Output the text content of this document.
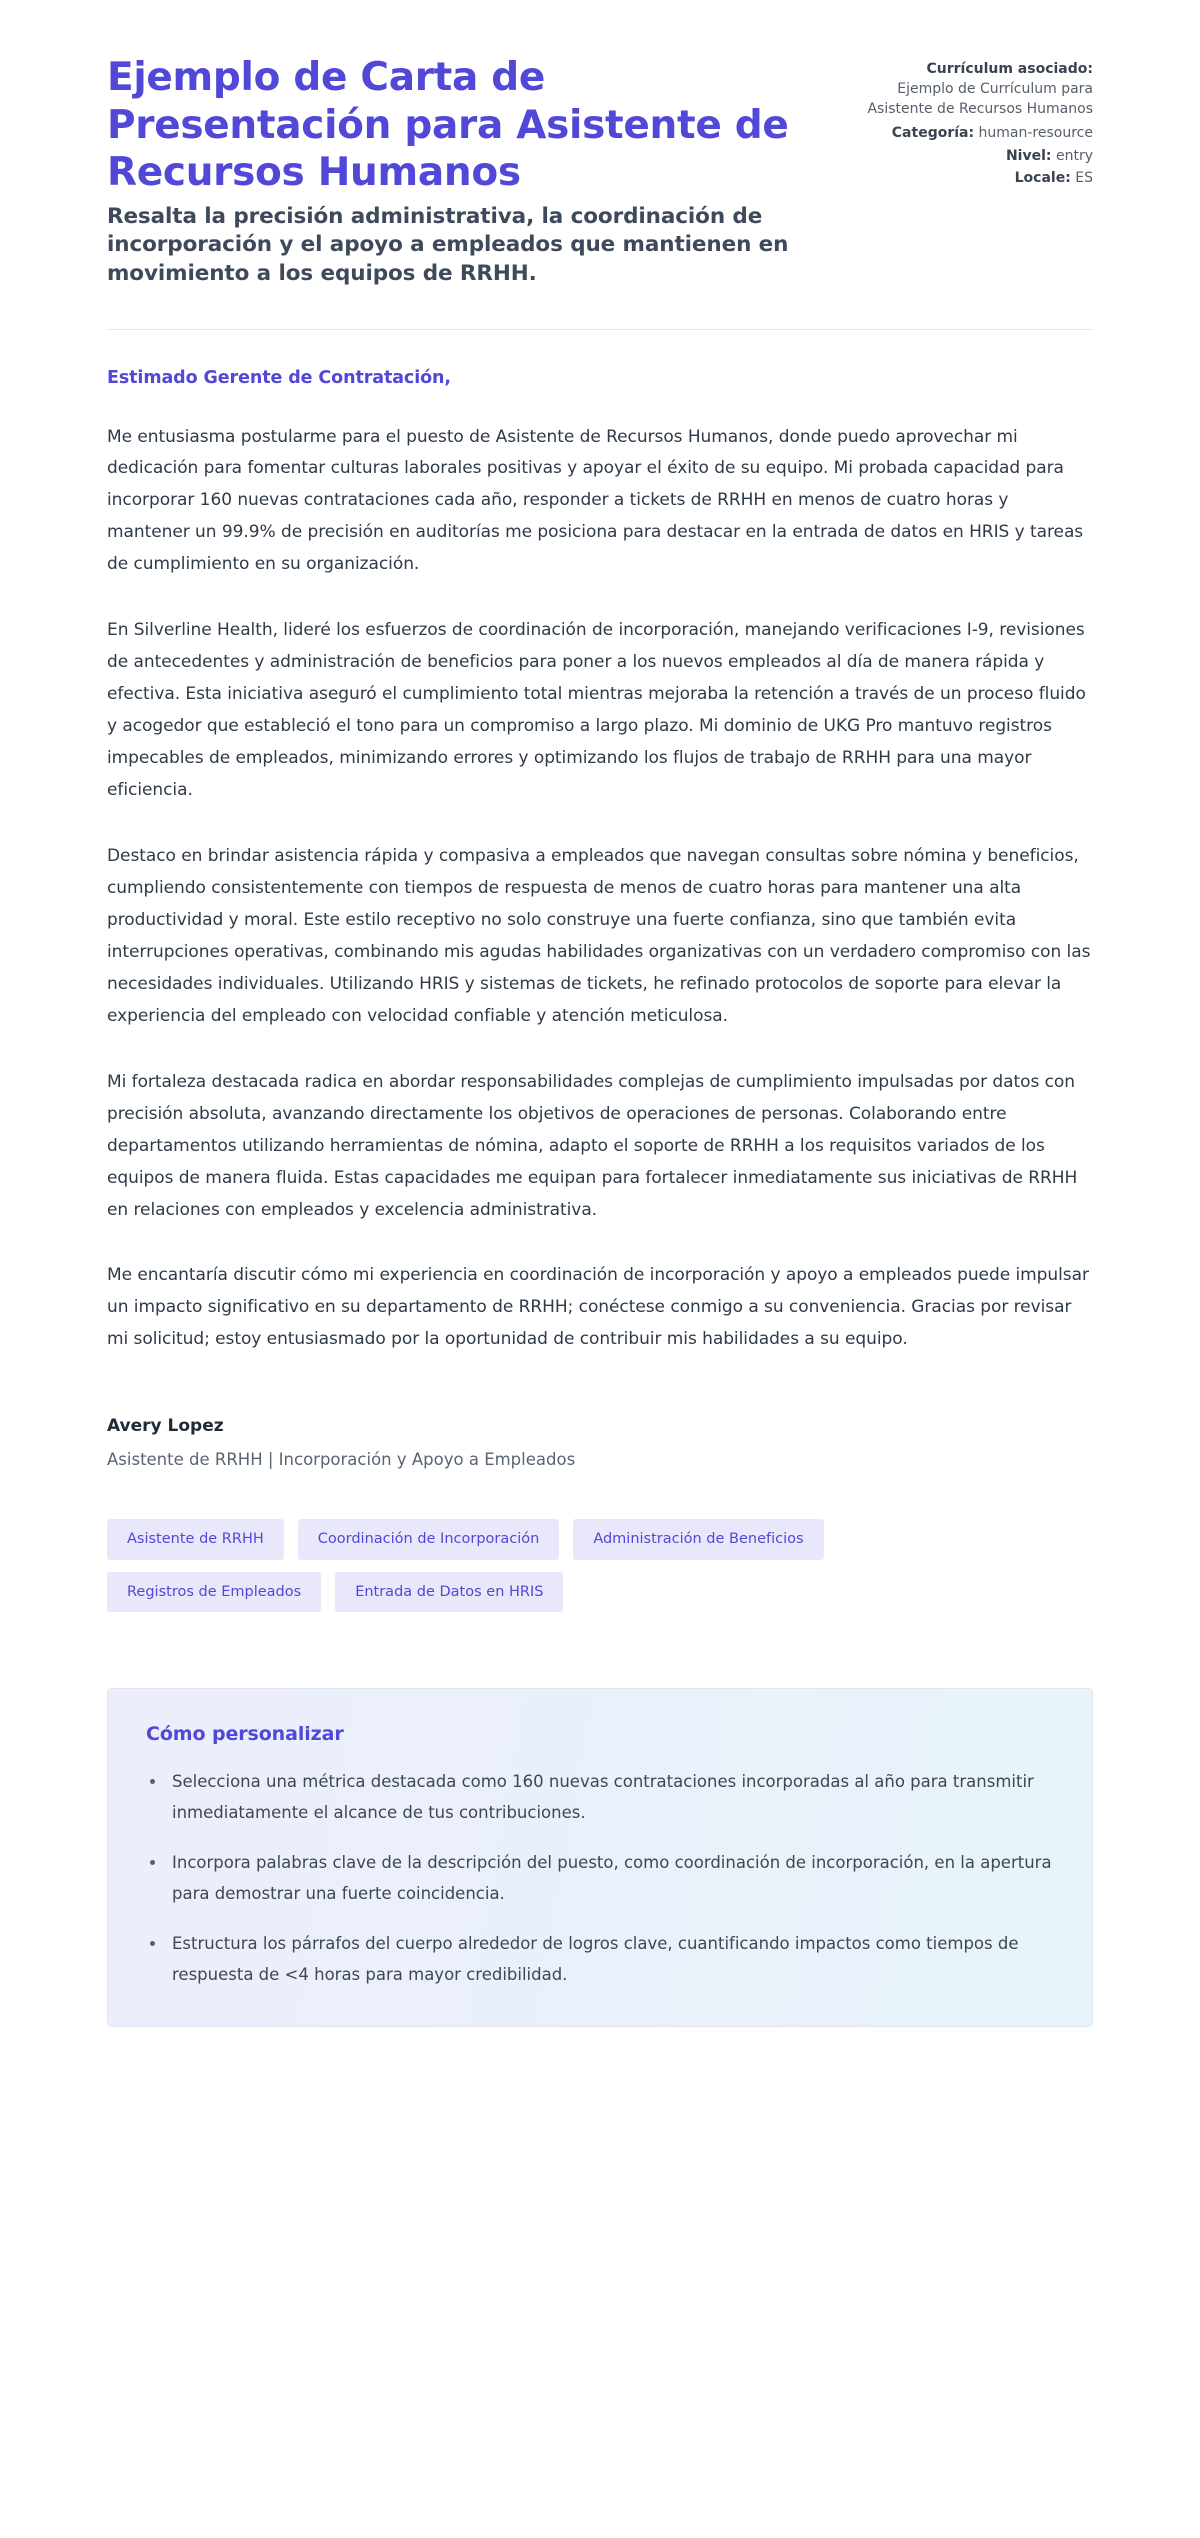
Ejemplo de Carta de Presentación para Asistente de Recursos Humanos

Resalta la precisión administrativa, la coordinación de incorporación y el apoyo a empleados que mantienen en movimiento a los equipos de RRHH.

Currículum asociado:
Ejemplo de Currículum para Asistente de Recursos Humanos
Categoría: human-resource
Nivel: entry
Locale: ES

Estimado Gerente de Contratación,

Me entusiasma postularme para el puesto de Asistente de Recursos Humanos, donde puedo aprovechar mi dedicación para fomentar culturas laborales positivas y apoyar el éxito de su equipo. Mi probada capacidad para incorporar 160 nuevas contrataciones cada año, responder a tickets de RRHH en menos de cuatro horas y mantener un 99.9% de precisión en auditorías me posiciona para destacar en la entrada de datos en HRIS y tareas de cumplimiento en su organización.

En Silverline Health, lideré los esfuerzos de coordinación de incorporación, manejando verificaciones I-9, revisiones de antecedentes y administración de beneficios para poner a los nuevos empleados al día de manera rápida y efectiva. Esta iniciativa aseguró el cumplimiento total mientras mejoraba la retención a través de un proceso fluido y acogedor que estableció el tono para un compromiso a largo plazo. Mi dominio de UKG Pro mantuvo registros impecables de empleados, minimizando errores y optimizando los flujos de trabajo de RRHH para una mayor eficiencia.

Destaco en brindar asistencia rápida y compasiva a empleados que navegan consultas sobre nómina y beneficios, cumpliendo consistentemente con tiempos de respuesta de menos de cuatro horas para mantener una alta productividad y moral. Este estilo receptivo no solo construye una fuerte confianza, sino que también evita interrupciones operativas, combinando mis agudas habilidades organizativas con un verdadero compromiso con las necesidades individuales. Utilizando HRIS y sistemas de tickets, he refinado protocolos de soporte para elevar la experiencia del empleado con velocidad confiable y atención meticulosa.

Mi fortaleza destacada radica en abordar responsabilidades complejas de cumplimiento impulsadas por datos con precisión absoluta, avanzando directamente los objetivos de operaciones de personas. Colaborando entre departamentos utilizando herramientas de nómina, adapto el soporte de RRHH a los requisitos variados de los equipos de manera fluida. Estas capacidades me equipan para fortalecer inmediatamente sus iniciativas de RRHH en relaciones con empleados y excelencia administrativa.

Me encantaría discutir cómo mi experiencia en coordinación de incorporación y apoyo a empleados puede impulsar un impacto significativo en su departamento de RRHH; conéctese conmigo a su conveniencia. Gracias por revisar mi solicitud; estoy entusiasmado por la oportunidad de contribuir mis habilidades a su equipo.

Avery Lopez

Asistente de RRHH | Incorporación y Apoyo a Empleados

Asistente de RRHH	Coordinación de Incorporación	Administración de Beneficios
Registros de Empleados	Entrada de Datos en HRIS
Cómo personalizar
Selecciona una métrica destacada como 160 nuevas contrataciones incorporadas al año para transmitir inmediatamente el alcance de tus contribuciones.
Incorpora palabras clave de la descripción del puesto, como coordinación de incorporación, en la apertura para demostrar una fuerte coincidencia.
Estructura los párrafos del cuerpo alrededor de logros clave, cuantificando impactos como tiempos de respuesta de <4 horas para mayor credibilidad.
